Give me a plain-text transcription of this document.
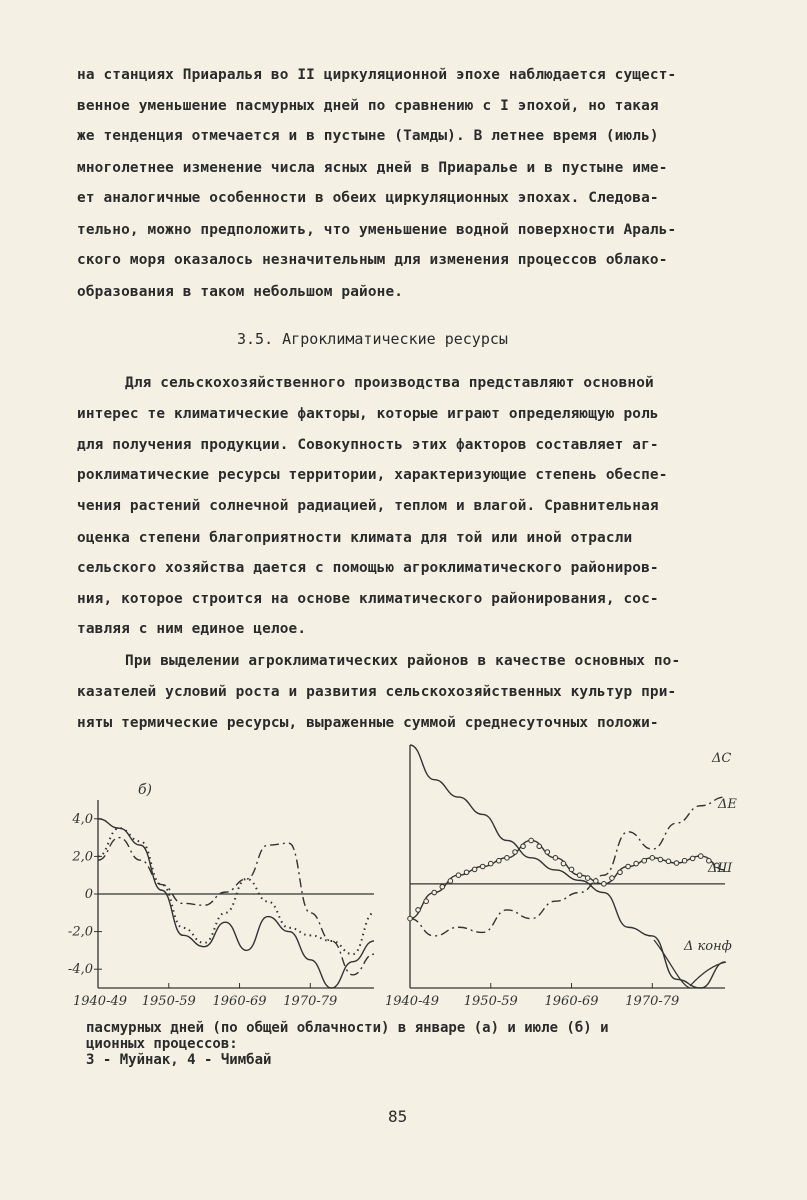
на станциях Приаралья во II циркуляционной эпохе наблюдается сущест-
венное уменьшение пасмурных дней по сравнению с I эпохой, но такая
же тенденция отмечается и в пустыне (Тамды). В летнее время (июль)
многолетнее изменение числа ясных дней в Приаралье и в пустыне име-
ет аналогичные особенности в обеих циркуляционных эпохах. Следова-
тельно, можно предположить, что уменьшение водной поверхности Араль-
ского моря оказалось незначительным для изменения процессов облако-
образования в таком небольшом районе.
3.5. Агроклиматические ресурсы
Для сельскохозяйственного производства представляют основной
интерес те климатические факторы, которые играют определяющую роль
для получения продукции. Совокупность этих факторов составляет аг-
роклиматические ресурсы территории, характеризующие степень обеспе-
чения растений солнечной радиацией, теплом и влагой. Сравнительная
оценка степени благоприятности климата для той или иной отрасли
сельского хозяйства дается с помощью агроклиматического райониров-
ния, которое строится на основе климатического районирования, сос-
тавляя с ним единое целое.
При выделении агроклиматических районов в качестве основных по-
казателей условий роста и развития сельскохозяйственных культур при-
няты термические ресурсы, выраженные суммой среднесуточных положи-
4,0
2,0
0
-2,0
-4,0
1940-49 1950-59 1960-69 1970-79
б)
1940-49 1950-59 1960-69 1970-79
ΔС
ΔЕ
ΔШ
Δ конф
пасмурных дней (по общей облачности) в январе (а) и июле (б) и
ционных процессов:
3 - Муйнак, 4 - Чимбай
85
